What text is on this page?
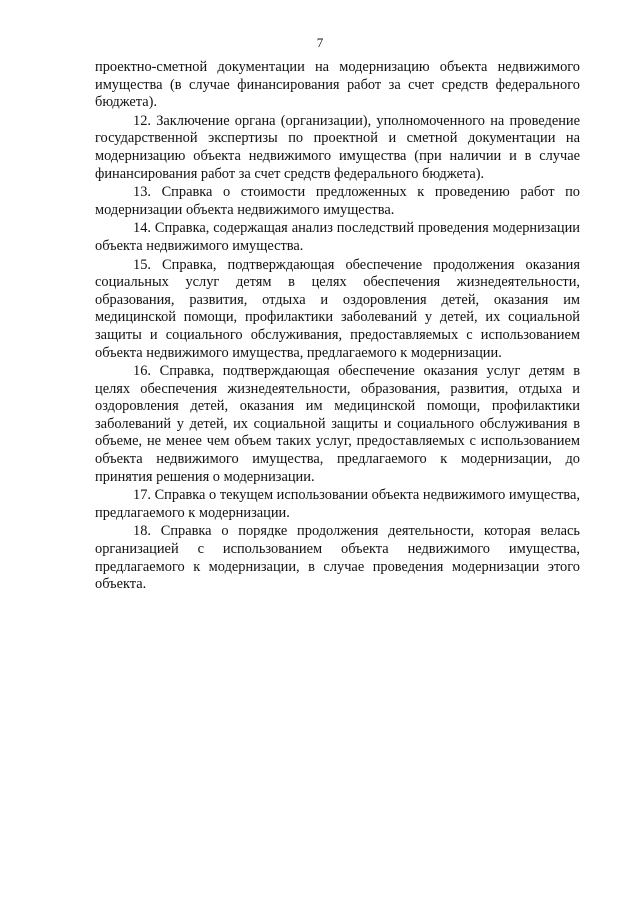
7

проектно-сметной документации на модернизацию объекта недвижимого имущества (в случае финансирования работ за счет средств федерального бюджета).

12. Заключение органа (организации), уполномоченного на проведение государственной экспертизы по проектной и сметной документации на модернизацию объекта недвижимого имущества (при наличии и в случае финансирования работ за счет средств федерального бюджета).

13. Справка о стоимости предложенных к проведению работ по модернизации объекта недвижимого имущества.

14. Справка, содержащая анализ последствий проведения модернизации объекта недвижимого имущества.

15. Справка, подтверждающая обеспечение продолжения оказания социальных услуг детям в целях обеспечения жизнедеятельности, образования, развития, отдыха и оздоровления детей, оказания им медицинской помощи, профилактики заболеваний у детей, их социальной защиты и социального обслуживания, предоставляемых с использованием объекта недвижимого имущества, предлагаемого к модернизации.

16. Справка, подтверждающая обеспечение оказания услуг детям в целях обеспечения жизнедеятельности, образования, развития, отдыха и оздоровления детей, оказания им медицинской помощи, профилактики заболеваний у детей, их социальной защиты и социального обслуживания в объеме, не менее чем объем таких услуг, предоставляемых с использованием объекта недвижимого имущества, предлагаемого к модернизации, до принятия решения о модернизации.

17. Справка о текущем использовании объекта недвижимого имущества, предлагаемого к модернизации.

18. Справка о порядке продолжения деятельности, которая велась организацией с использованием объекта недвижимого имущества, предлагаемого к модернизации, в случае проведения модернизации этого объекта.
